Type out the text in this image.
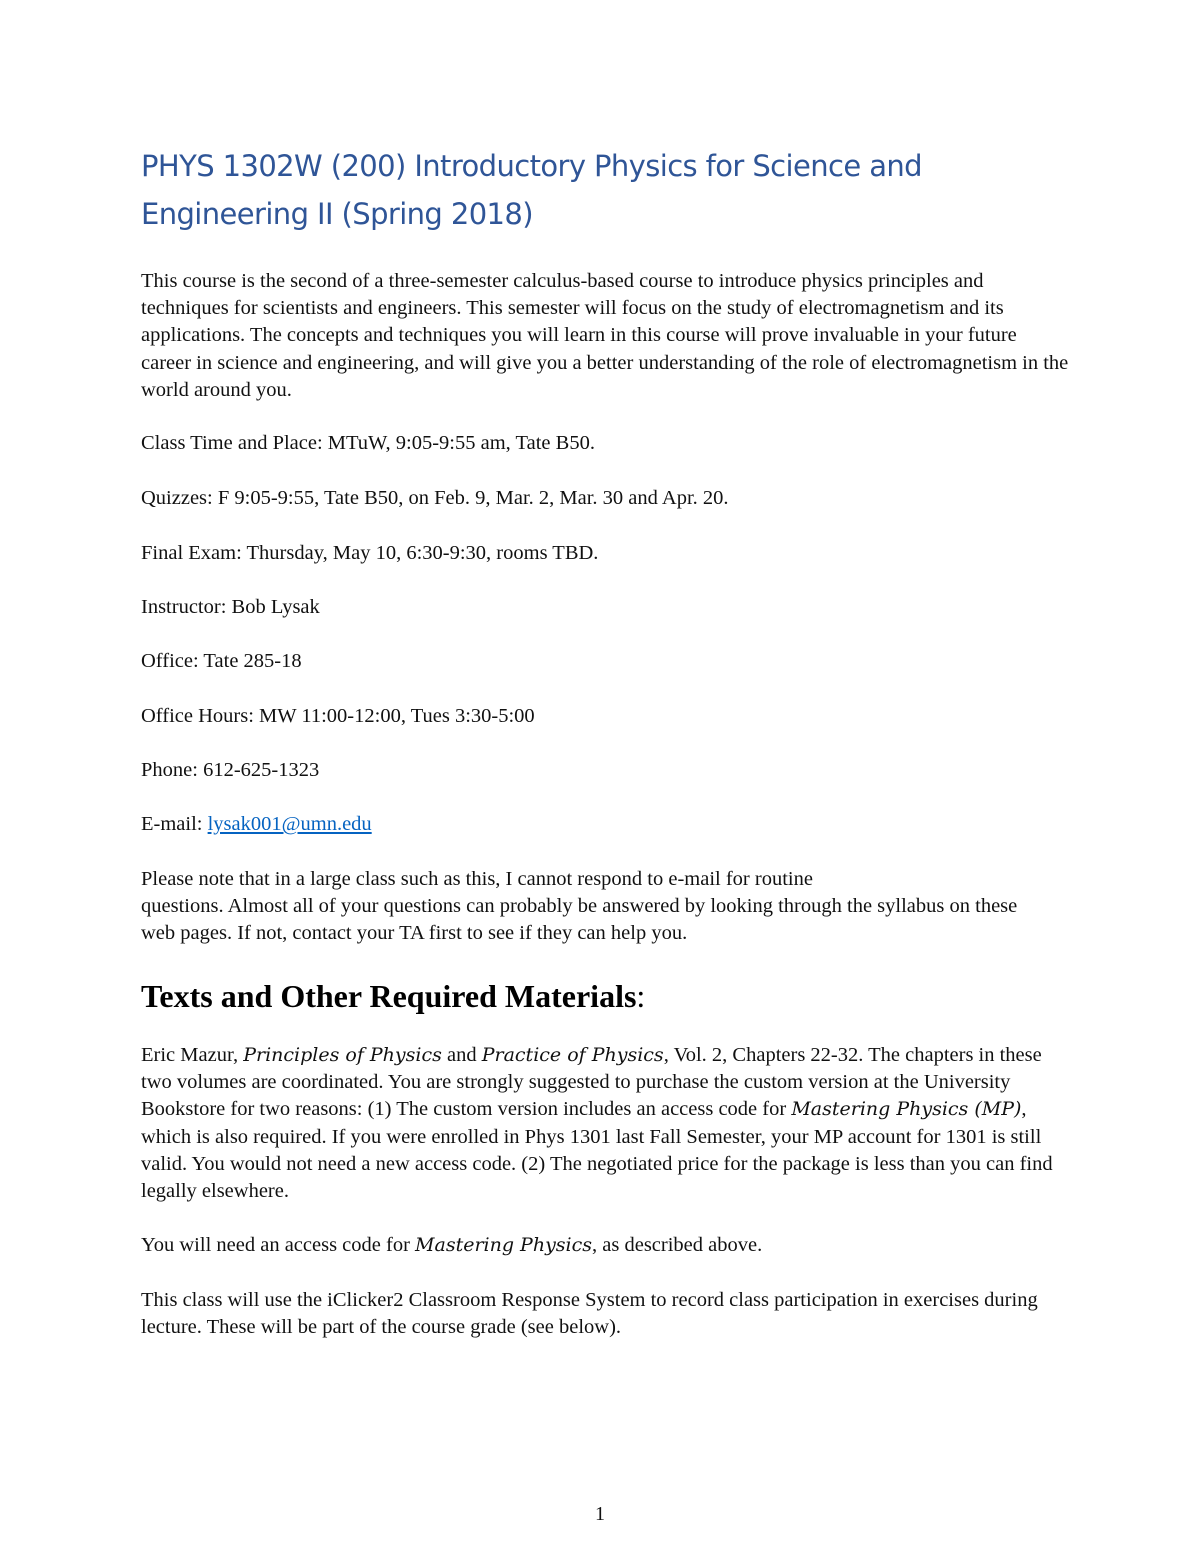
PHYS 1302W (200) Introductory Physics for Science and
Engineering II (Spring 2018)

This course is the second of a three-semester calculus-based course to introduce physics principles and techniques for scientists and engineers. This semester will focus on the study of electromagnetism and its applications. The concepts and techniques you will learn in this course will prove invaluable in your future career in science and engineering, and will give you a better understanding of the role of electromagnetism in the world around you.

Class Time and Place: MTuW, 9:05-9:55 am, Tate B50.

Quizzes: F 9:05-9:55, Tate B50, on Feb. 9, Mar. 2, Mar. 30 and Apr. 20.

Final Exam: Thursday, May 10, 6:30-9:30, rooms TBD.

Instructor: Bob Lysak

Office: Tate 285-18

Office Hours: MW 11:00-12:00, Tues 3:30-5:00

Phone: 612-625-1323

E-mail: lysak001@umn.edu

Please note that in a large class such as this, I cannot respond to e-mail for routine
questions. Almost all of your questions can probably be answered by looking through the syllabus on these web pages. If not, contact your TA first to see if they can help you.

Texts and Other Required Materials:

Eric Mazur, Principles of Physics and Practice of Physics, Vol. 2, Chapters 22-32. The chapters in these two volumes are coordinated. You are strongly suggested to purchase the custom version at the University Bookstore for two reasons: (1) The custom version includes an access code for Mastering Physics (MP), which is also required. If you were enrolled in Phys 1301 last Fall Semester, your MP account for 1301 is still valid. You would not need a new access code. (2) The negotiated price for the package is less than you can find legally elsewhere.

You will need an access code for Mastering Physics, as described above.

This class will use the iClicker2 Classroom Response System to record class participation in exercises during lecture. These will be part of the course grade (see below).

1
